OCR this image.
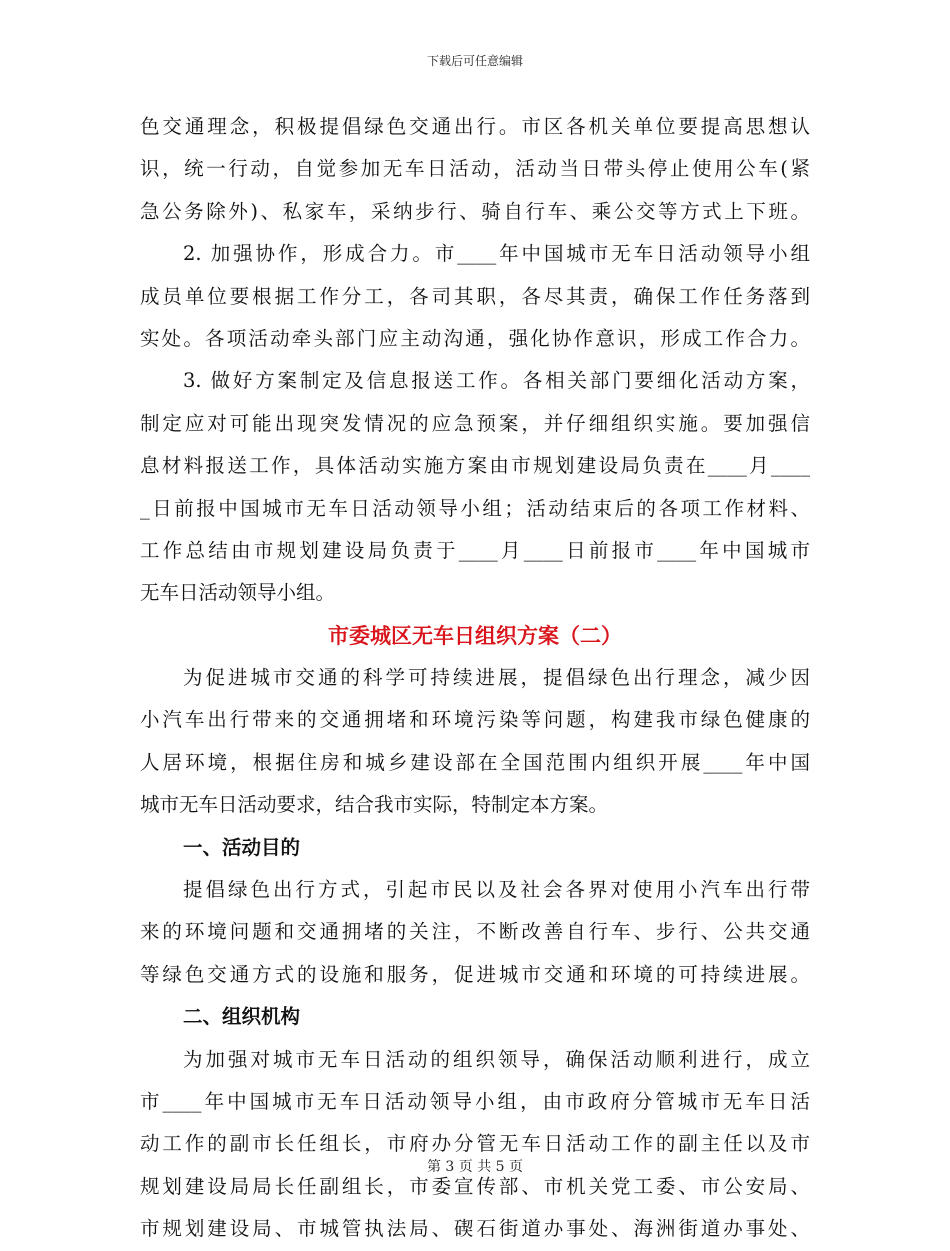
下载后可任意编辑
色交通理念，积极提倡绿色交通出行。市区各机关单位要提高思想认
识，统一行动，自觉参加无车日活动，活动当日带头停止使用公车(紧
急公务除外)、私家车，采纳步行、骑自行车、乘公交等方式上下班。
2. 加强协作，形成合力。市____年中国城市无车日活动领导小组
成员单位要根据工作分工，各司其职，各尽其责，确保工作任务落到
实处。各项活动牵头部门应主动沟通，强化协作意识，形成工作合力。
3. 做好方案制定及信息报送工作。各相关部门要细化活动方案，
制定应对可能出现突发情况的应急预案，并仔细组织实施。要加强信
息材料报送工作，具体活动实施方案由市规划建设局负责在____月____
_日前报中国城市无车日活动领导小组；活动结束后的各项工作材料、
工作总结由市规划建设局负责于____月____日前报市____年中国城市
无车日活动领导小组。
市委城区无车日组织方案（二）
为促进城市交通的科学可持续进展，提倡绿色出行理念，减少因
小汽车出行带来的交通拥堵和环境污染等问题，构建我市绿色健康的
人居环境，根据住房和城乡建设部在全国范围内组织开展____年中国
城市无车日活动要求，结合我市实际，特制定本方案。
一、活动目的
提倡绿色出行方式，引起市民以及社会各界对使用小汽车出行带
来的环境问题和交通拥堵的关注，不断改善自行车、步行、公共交通
等绿色交通方式的设施和服务，促进城市交通和环境的可持续进展。
二、组织机构
为加强对城市无车日活动的组织领导，确保活动顺利进行，成立
市____年中国城市无车日活动领导小组，由市政府分管城市无车日活
动工作的副市长任组长，市府办分管无车日活动工作的副主任以及市
规划建设局局长任副组长，市委宣传部、市机关党工委、市公安局、
市规划建设局、市城管执法局、碶石街道办事处、海洲街道办事处、
第 3 页 共 5 页
